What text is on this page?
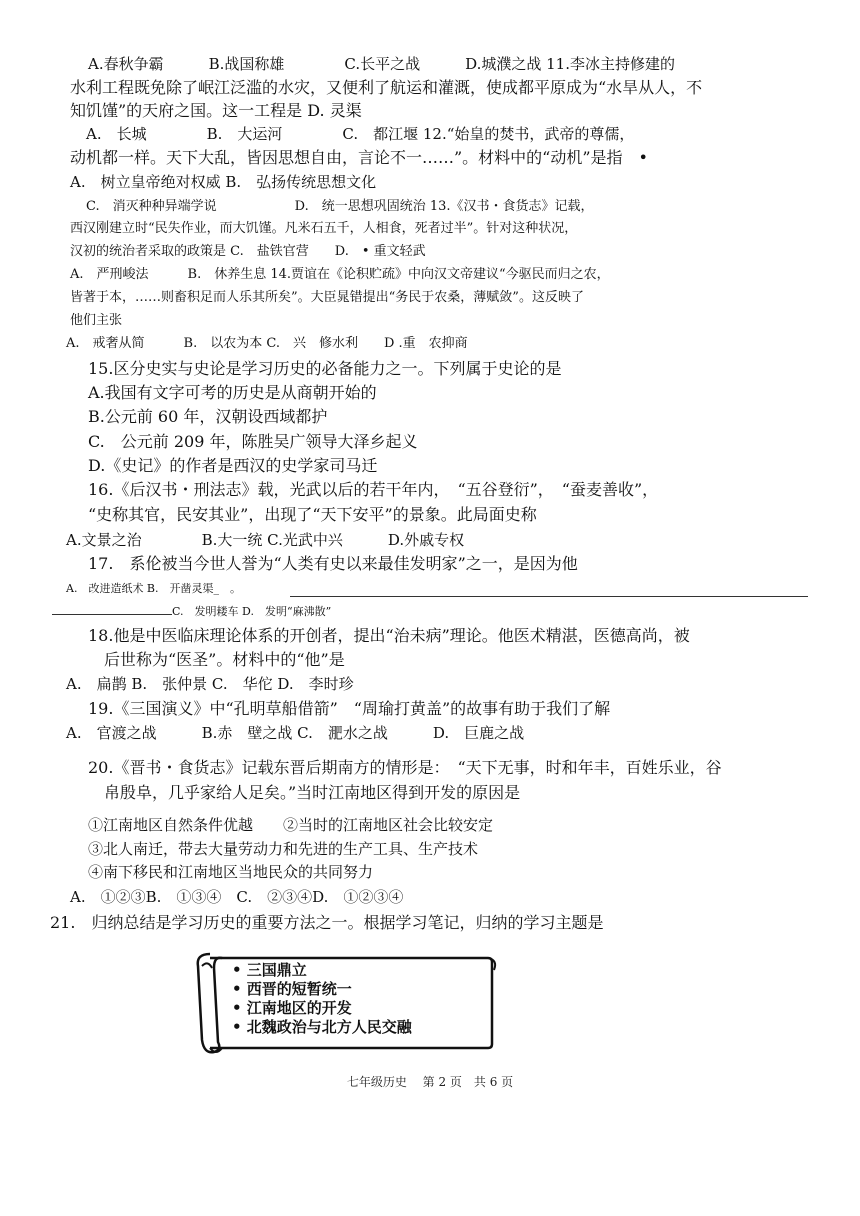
A.春秋争霸　　　B.战国称雄　　　　C.长平之战　　　D.城濮之战 11.李冰主持修建的
水利工程既免除了岷江泛滥的水灾，又便利了航运和灌溉，使成都平原成为“水旱从人，不
知饥馑”的天府之国。这一工程是 D. 灵渠
A.　长城　　　　B.　大运河　　　　C.　都江堰 12.“始皇的焚书，武帝的尊儒，
动机都一样。天下大乱，皆因思想自由，言论不一……”。材料中的“动机”是指　•
A.　树立皇帝绝对权威 B.　弘扬传统思想文化
C.　消灭种种异端学说　　　　　　D.　统一思想巩固统治 13.《汉书・食货志》记载，
西汉刚建立时“民失作业，而大饥馑。凡米石五千，人相食，死者过半”。针对这种状况，
汉初的统治者采取的政策是 C.　盐铁官营　　D.　• 重文轻武
A.　严刑峻法　　　B.　休养生息 14.贾谊在《论积贮疏》中向汉文帝建议“今驱民而归之农，
皆著于本，……则畜积足而人乐其所矣”。大臣晁错提出“务民于农桑，薄赋敛”。这反映了
他们主张
A.　戒奢从简　　　B.　以农为本 C.　兴　修水利　　D .重　农抑商
15.区分史实与史论是学习历史的必备能力之一。下列属于史论的是
A.我国有文字可考的历史是从商朝开始的
B.公元前 60 年，汉朝设西域都护
C.　公元前 209 年，陈胜吴广领导大泽乡起义
D.《史记》的作者是西汉的史学家司马迁
16.《后汉书・刑法志》载，光武以后的若干年内，　“五谷登衍”，　“蚕麦善收”，
“史称其官，民安其业”，出现了“天下安平”的景象。此局面史称
A.文景之治　　　　B.大一统 C.光武中兴　　　D.外戚专权
17.　系伦被当今世人誉为“人类有史以来最佳发明家”之一，是因为他
A.　改进造纸术 B.　开凿灵渠_　。
C.　发明耧车 D.　发明“麻沸散”
18.他是中医临床理论体系的开创者，提出“治未病”理论。他医术精湛，医德高尚，被
后世称为“医圣”。材料中的“他”是
A.　扁鹊 B.　张仲景 C.　华佗 D.　李时珍
19.《三国演义》中“孔明草船借箭”　“周瑜打黄盖”的故事有助于我们了解
A.　官渡之战　　　B.赤　壁之战 C.　淝水之战　　　D.　巨鹿之战
20.《晋书・食货志》记载东晋后期南方的情形是：　“天下无事，时和年丰，百姓乐业，谷
帛殷阜，几乎家给人足矣。”当时江南地区得到开发的原因是
①江南地区自然条件优越　　②当时的江南地区社会比较安定
③北人南迁，带去大量劳动力和先进的生产工具、生产技术
④南下移民和江南地区当地民众的共同努力
A.　①②③B.　①③④　C.　②③④D.　①②③④
21.　归纳总结是学习历史的重要方法之一。根据学习笔记，归纳的学习主题是
• 三国鼎立
• 西晋的短暂统一
• 江南地区的开发
• 北魏政治与北方人民交融
七年级历史　 第 2 页　共 6 页
